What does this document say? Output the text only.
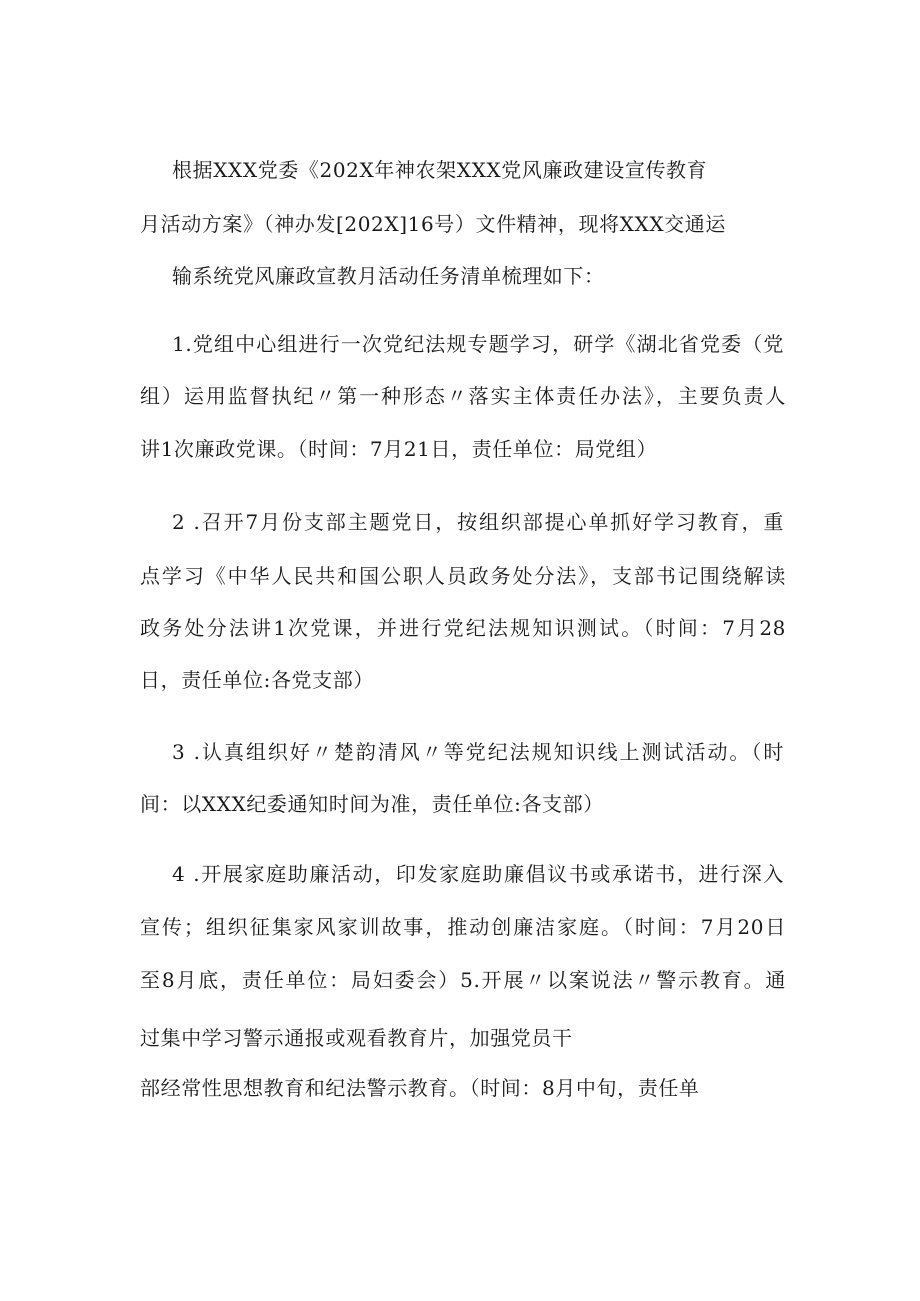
根据XXX党委《202X年神农架XXX党风廉政建设宣传教育
月活动方案》（神办发[202X]16号）文件精神，现将XXX交通运
输系统党风廉政宣教月活动任务清单梳理如下：
1.党组中心组进行一次党纪法规专题学习，研学《湖北省党委（党
组）运用监督执纪〃第一种形态〃落实主体责任办法》，主要负责人
讲1次廉政党课。（时间：7月21日，责任单位：局党组）
2 .召开7月份支部主题党日，按组织部提心单抓好学习教育，重
点学习《中华人民共和国公职人员政务处分法》，支部书记围绕解读
政务处分法讲1次党课，并进行党纪法规知识测试。（时间：7月28
日，责任单位:各党支部）
3 .认真组织好〃楚韵清风〃等党纪法规知识线上测试活动。（时
间：以XXX纪委通知时间为准，责任单位:各支部）
4 .开展家庭助廉活动，印发家庭助廉倡议书或承诺书，进行深入
宣传；组织征集家风家训故事，推动创廉洁家庭。（时间：7月20日
至8月底，责任单位：局妇委会）5.开展〃以案说法〃警示教育。通
过集中学习警示通报或观看教育片，加强党员干
部经常性思想教育和纪法警示教育。（时间：8月中旬，责任单
